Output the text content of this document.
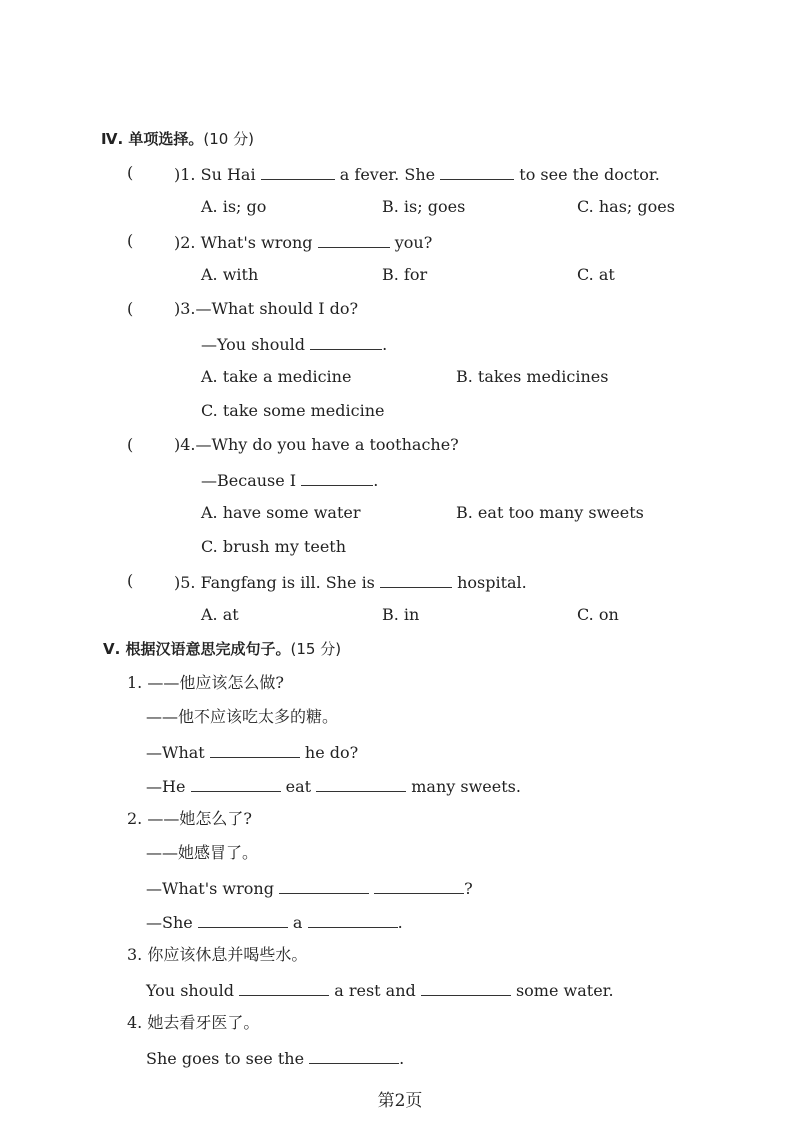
Ⅳ. 单项选择。(10 分)
(	)1. Su Hai	a fever. She	to see the doctor.
A. is; go	B. is; goes	C. has; goes
(	)2. What's wrong	you?
A. with	B. for	C. at
(	)3.—What should I do?
—You should	.
A. take a medicine	B. takes medicines
C. take some medicine
(	)4.—Why do you have a toothache?
—Because I	.
A. have some water	B. eat too many sweets
C. brush my teeth
(	)5. Fangfang is ill. She is	hospital.
A. at	B. in	C. on
Ⅴ. 根据汉语意思完成句子。(15 分)
1. ——他应该怎么做?
——他不应该吃太多的糖。
—What	he do?
—He	eat	many sweets.
2. ——她怎么了?
——她感冒了。
—What's wrong	?
—She	a	.
3. 你应该休息并喝些水。
You should	a rest and	some water.
4. 她去看牙医了。
She goes to see the	.
第2页
